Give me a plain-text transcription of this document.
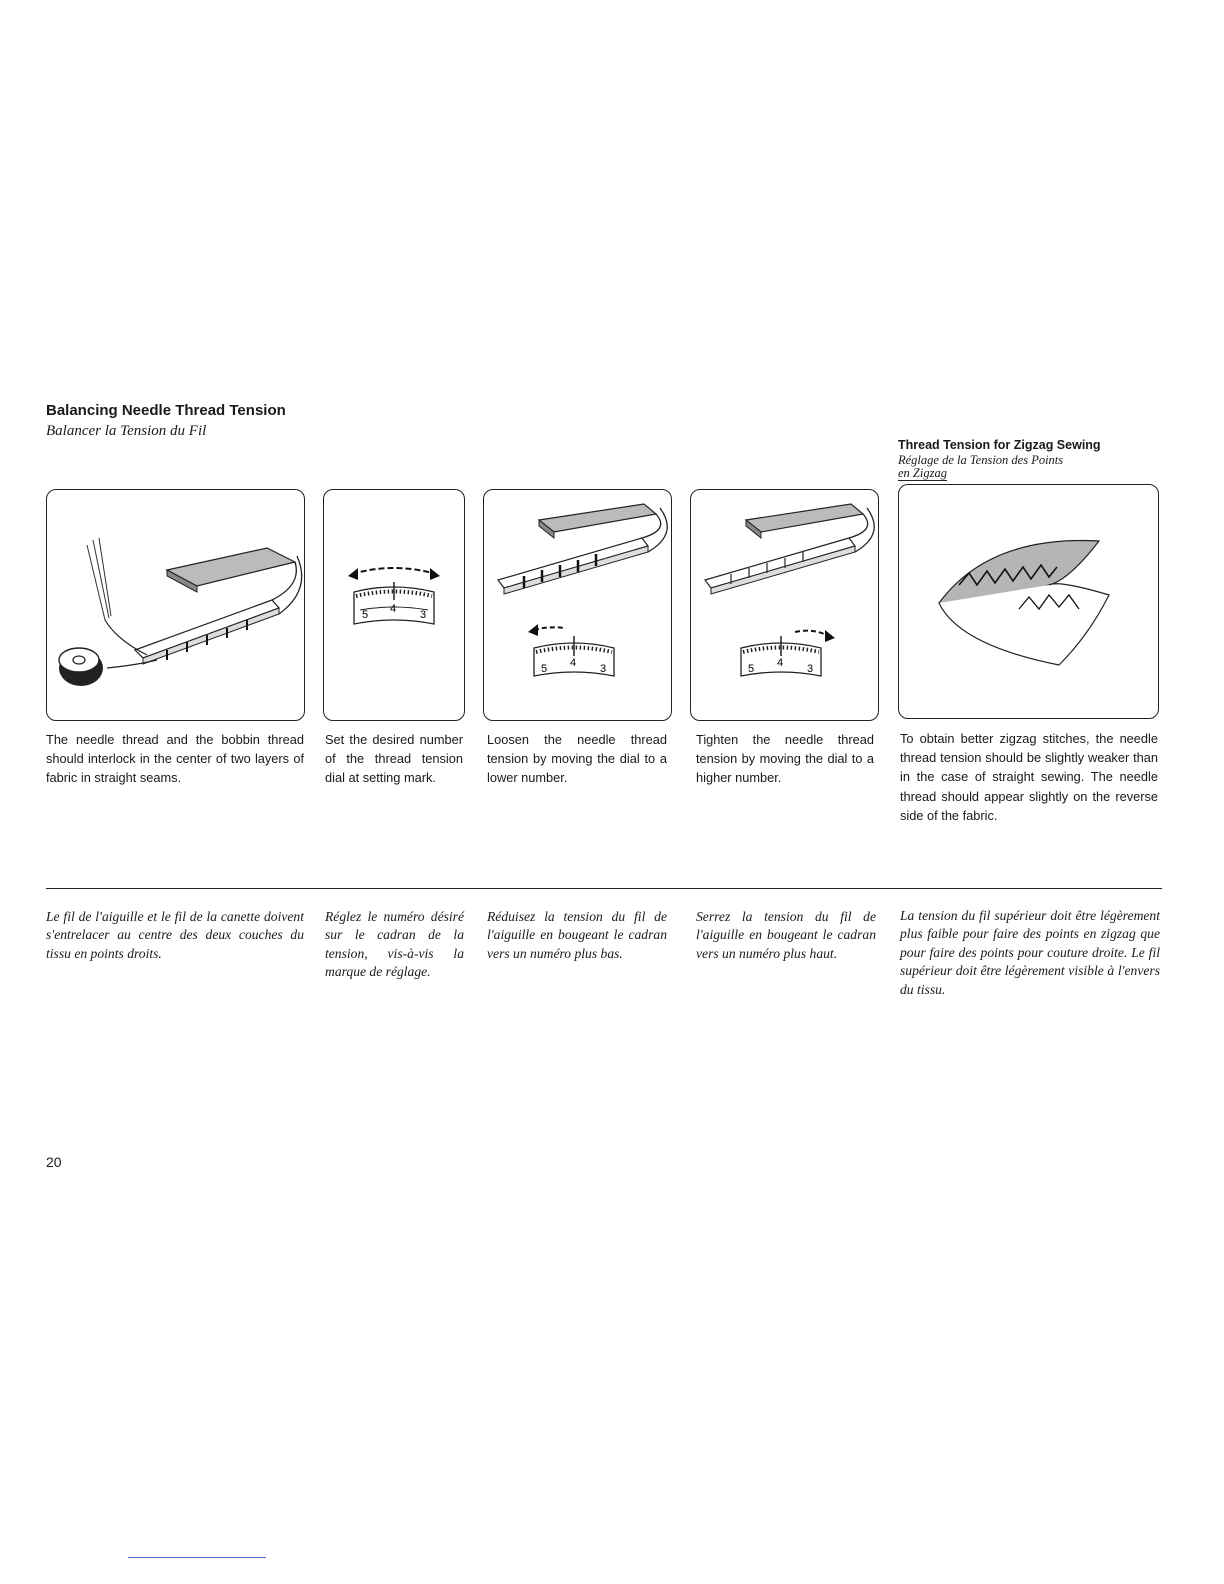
Balancing Needle Thread Tension
Balancer la Tension du Fil
Thread Tension for Zigzag Sewing
Réglage de la Tension des Points
en Zigzag
5 4 3
5 4 3	5 4 3
The needle thread and the bobbin thread should interlock in the center of two layers of fabric in straight seams.
Set the desired number of the thread tension dial at setting mark.
Loosen the needle thread tension by moving the dial to a lower number.
Tighten the needle thread tension by moving the dial to a higher number.
To obtain better zigzag stitches, the needle thread tension should be slightly weaker than in the case of straight sewing. The needle thread should appear slightly on the reverse side of the fabric.
Le fil de l'aiguille et le fil de la canette doivent s'entrelacer au centre des deux couches du tissu en points droits.
Réglez le numéro désiré sur le cadran de la tension, vis-à-vis la marque de réglage.
Réduisez la tension du fil de l'aiguille en bougeant le cadran vers un numéro plus bas.
Serrez la tension du fil de l'aiguille en bougeant le cadran vers un numéro plus haut.
La tension du fil supérieur doit être légèrement plus faible pour faire des points en zigzag que pour faire des points pour couture droite. Le fil supérieur doit être légèrement visible à l'envers du tissu.
20
